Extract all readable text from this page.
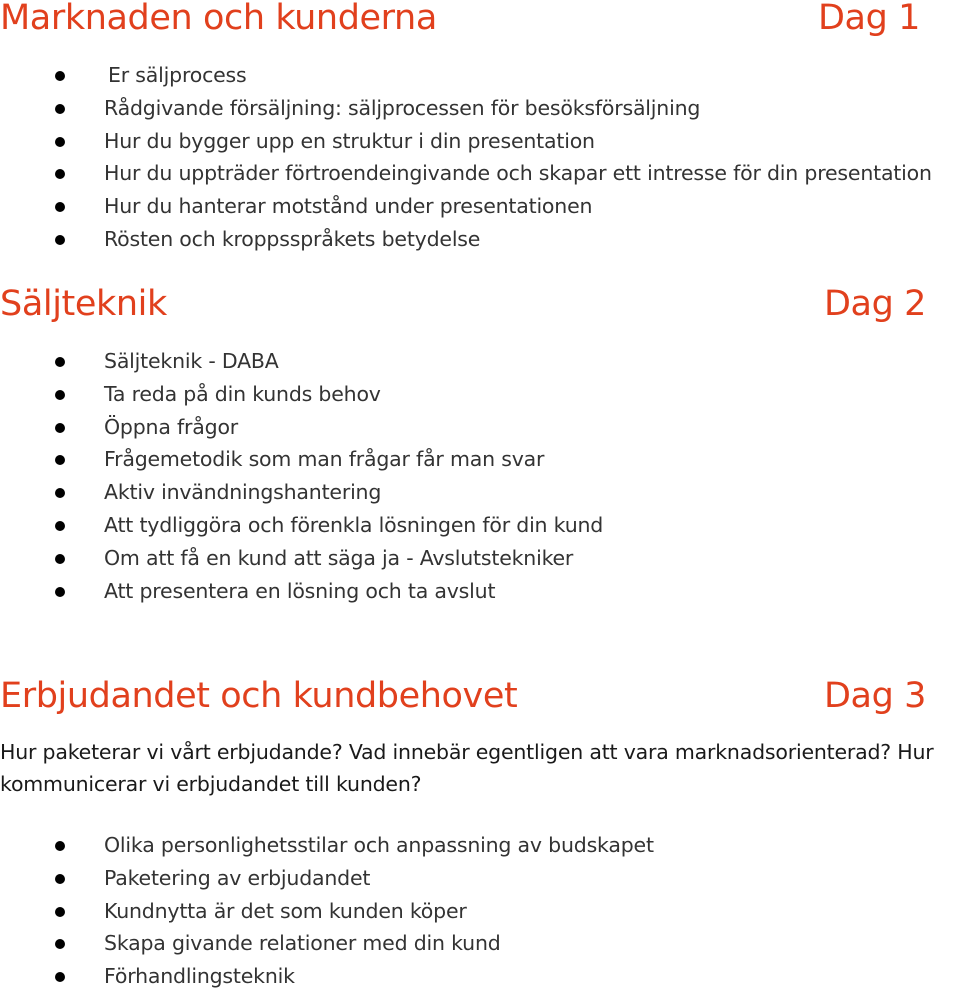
Marknaden och kunderna	Dag 1
Er säljprocess
Rådgivande försäljning: säljprocessen för besöksförsäljning
Hur du bygger upp en struktur i din presentation
Hur du uppträder förtroendeingivande och skapar ett intresse för din presentation
Hur du hanterar motstånd under presentationen
Rösten och kroppsspråkets betydelse
Säljteknik	Dag 2
Säljteknik - DABA
Ta reda på din kunds behov
Öppna frågor
Frågemetodik som man frågar får man svar
Aktiv invändningshantering
Att tydliggöra och förenkla lösningen för din kund
Om att få en kund att säga ja - Avslutstekniker
Att presentera en lösning och ta avslut
Erbjudandet och kundbehovet	Dag 3

Hur paketerar vi vårt erbjudande? Vad innebär egentligen att vara marknadsorienterad? Hur kommunicerar vi erbjudandet till kunden?

Olika personlighetsstilar och anpassning av budskapet
Paketering av erbjudandet
Kundnytta är det som kunden köper
Skapa givande relationer med din kund
Förhandlingsteknik
